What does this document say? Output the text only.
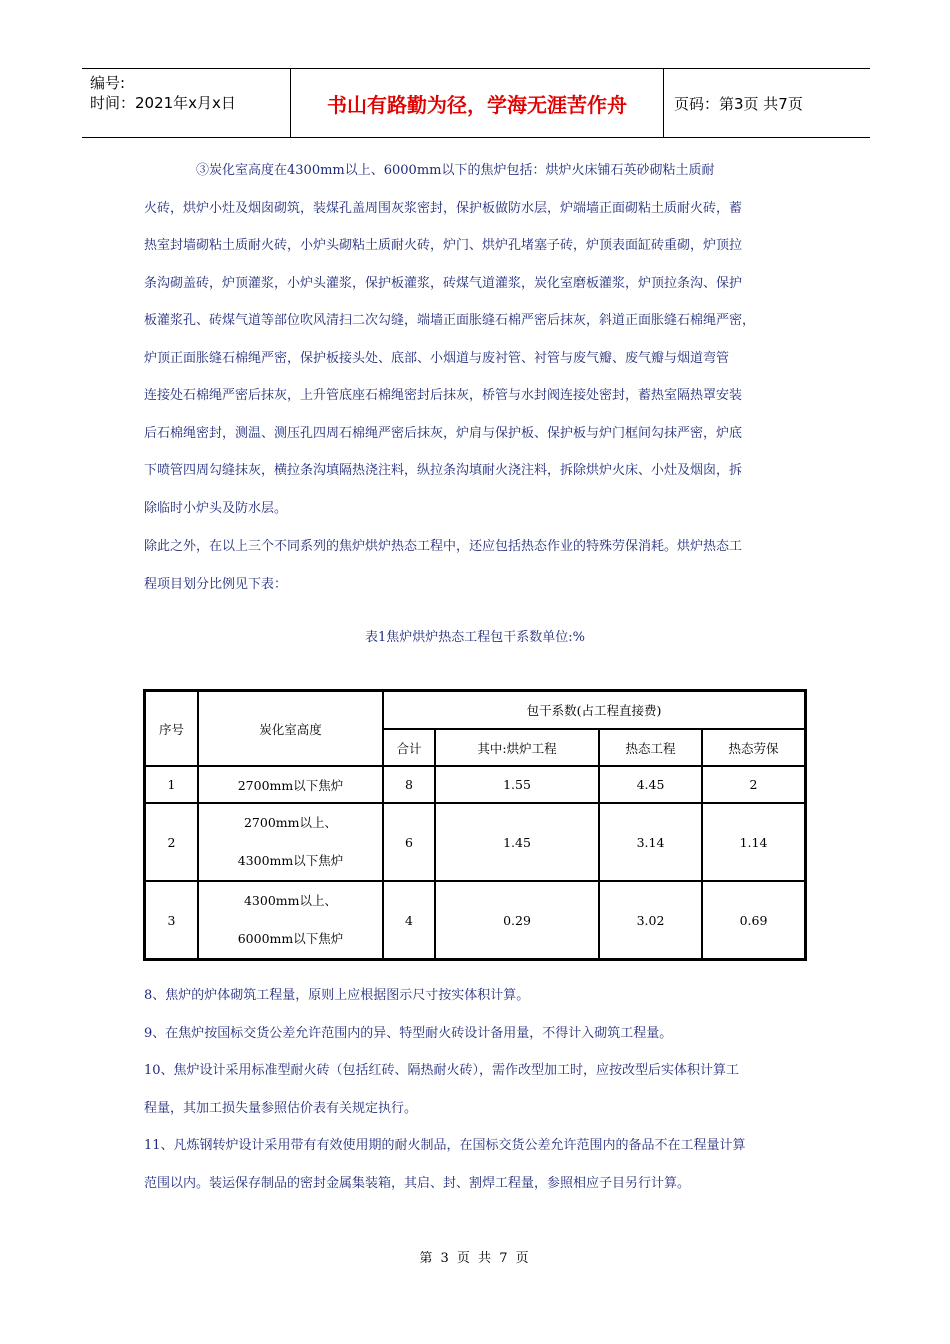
编号:
时间：2021年x月x日	书山有路勤为径，学海无涯苦作舟	页码：第3页 共7页
　　　　③炭化室高度在4300mm以上、6000mm以下的焦炉包括：烘炉火床铺石英砂砌粘土质耐
火砖，烘炉小灶及烟囱砌筑，装煤孔盖周围灰浆密封，保护板做防水层，炉端墙正面砌粘土质耐火砖，蓄
热室封墙砌粘土质耐火砖，小炉头砌粘土质耐火砖，炉门、烘炉孔堵塞子砖，炉顶表面缸砖重砌，炉顶拉
条沟砌盖砖，炉顶灌浆，小炉头灌浆，保护板灌浆，砖煤气道灌浆，炭化室磨板灌浆，炉顶拉条沟、保护
板灌浆孔、砖煤气道等部位吹风清扫二次勾缝，端墙正面胀缝石棉严密后抹灰，斜道正面胀缝石棉绳严密，
炉顶正面胀缝石棉绳严密，保护板接头处、底部、小烟道与废衬管、衬管与废气瓣、废气瓣与烟道弯管
连接处石棉绳严密后抹灰，上升管底座石棉绳密封后抹灰，桥管与水封阀连接处密封，蓄热室隔热罩安装
后石棉绳密封，测温、测压孔四周石棉绳严密后抹灰，炉肩与保护板、保护板与炉门框间勾抹严密，炉底
下喷管四周勾缝抹灰，横拉条沟填隔热浇注料，纵拉条沟填耐火浇注料，拆除烘炉火床、小灶及烟囱，拆
除临时小炉头及防水层。
除此之外，在以上三个不同系列的焦炉烘炉热态工程中，还应包括热态作业的特殊劳保消耗。烘炉热态工
程项目划分比例见下表：
表1焦炉烘炉热态工程包干系数单位:%
序号	炭化室高度	包干系数(占工程直接费)			
		合计	其中:烘炉工程	热态工程	热态劳保
1	2700mm以下焦炉	8	1.55	4.45	2
2	2700mm以上、
4300mm以下焦炉	6	1.45	3.14	1.14
3	4300mm以上、
6000mm以下焦炉	4	0.29	3.02	0.69
8、焦炉的炉体砌筑工程量，原则上应根据图示尺寸按实体积计算。
9、在焦炉按国标交货公差允许范围内的异、特型耐火砖设计备用量，不得计入砌筑工程量。
10、焦炉设计采用标准型耐火砖（包括红砖、隔热耐火砖），需作改型加工时，应按改型后实体积计算工
程量，其加工损失量参照估价表有关规定执行。
11、凡炼钢转炉设计采用带有有效使用期的耐火制品，在国标交货公差允许范围内的备品不在工程量计算
范围以内。装运保存制品的密封金属集装箱，其启、封、割焊工程量，参照相应子目另行计算。
第 3 页 共 7 页
